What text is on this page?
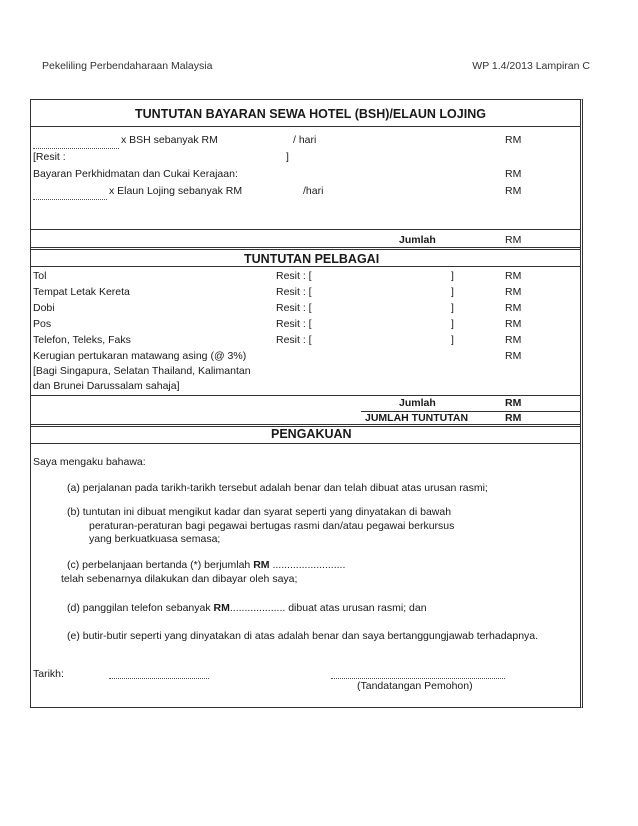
Pekeliling Perbendaharaan Malaysia	WP 1.4/2013 Lampiran C
TUNTUTAN BAYARAN SEWA HOTEL (BSH)/ELAUN LOJING
x BSH sebanyak RM	/ hari	RM
[Resit :	]
Bayaran Perkhidmatan dan Cukai Kerajaan:	RM
x Elaun Lojing sebanyak RM	/hari	RM
Jumlah	RM
TUNTUTAN PELBAGAI
Tol	Resit : [	]	RM
Tempat Letak Kereta	Resit : [	]	RM
Dobi	Resit : [	]	RM
Pos	Resit : [	]	RM
Telefon, Teleks, Faks	Resit : [	]	RM
Kerugian pertukaran matawang asing (@ 3%)	RM
[Bagi Singapura, Selatan Thailand, Kalimantan
dan Brunei Darussalam sahaja]
Jumlah	RM
JUMLAH TUNTUTAN	RM
PENGAKUAN
Saya mengaku bahawa:
(a) perjalanan pada tarikh-tarikh tersebut adalah benar dan telah dibuat atas urusan rasmi;
(b) tuntutan ini dibuat mengikut kadar dan syarat seperti yang dinyatakan di bawah
peraturan-peraturan bagi pegawai bertugas rasmi dan/atau pegawai berkursus
yang berkuatkuasa semasa;
(c) perbelanjaan bertanda (*) berjumlah RM .........................
telah sebenarnya dilakukan dan dibayar oleh saya;
(d) panggilan telefon sebanyak RM................... dibuat atas urusan rasmi; dan
(e) butir-butir seperti yang dinyatakan di atas adalah benar dan saya bertanggungjawab terhadapnya.
Tarikh:
(Tandatangan Pemohon)
